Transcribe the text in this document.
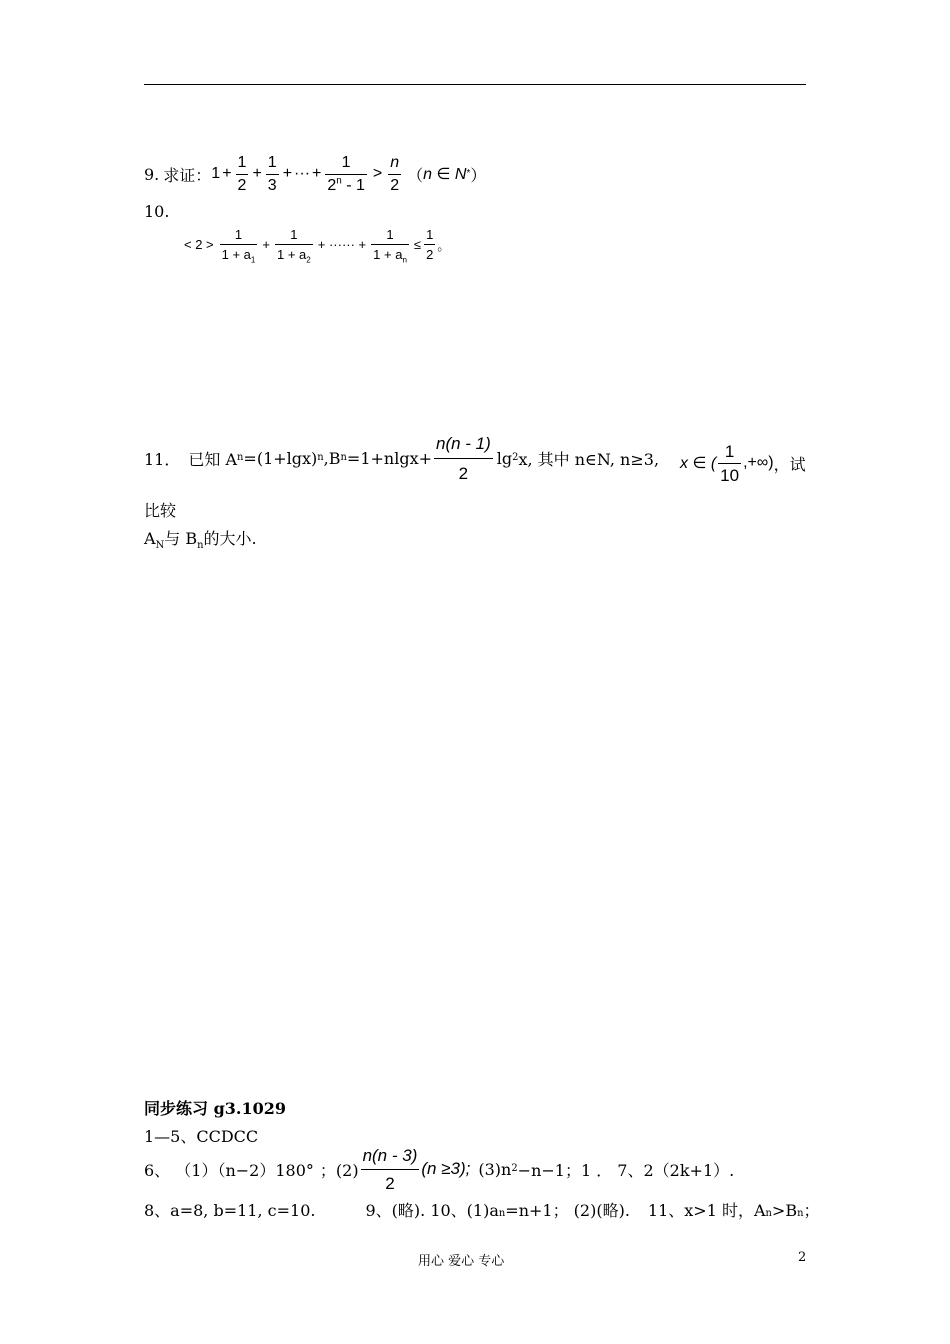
9. 求证： $1 + \frac{1}{2} + \frac{1}{3}$ + ··· + $\frac{1}{2^n - 1} > \frac{n}{2}$ （ n ∈ N * ）
10.
< $2 > \frac{1}{1 + a_1} + \frac{1}{1 + a_2}$ + ······ + $\frac{1}{1 + a_n} \le \frac{1}{2}$ 。
11． 已知 A n =(1+lgx) n ,B $n =1+nlgx+ \frac{n(n - 1)}{2}$ lg 2 x, 其中 n∈N, n≥3, x ∈ ( $\frac{1}{10}$ ,+∞) ，试
比较
$A_N$与 $B_n$的大小.
同步练习 g3.1029
1—5、CCDCC
6、 （1）（n−2）180° ；$(2) \frac{n(n - 3)}{2} (n \ge 3)$; (3)n 2 −n−1；1 ． 7、2（2k+1）.
8、a=8, b=11, c=10.	9、(略). 10、(1)a n =n+1； (2)(略). 11、x>1 时，A n >B n ；
用心 爱心 专心	2
